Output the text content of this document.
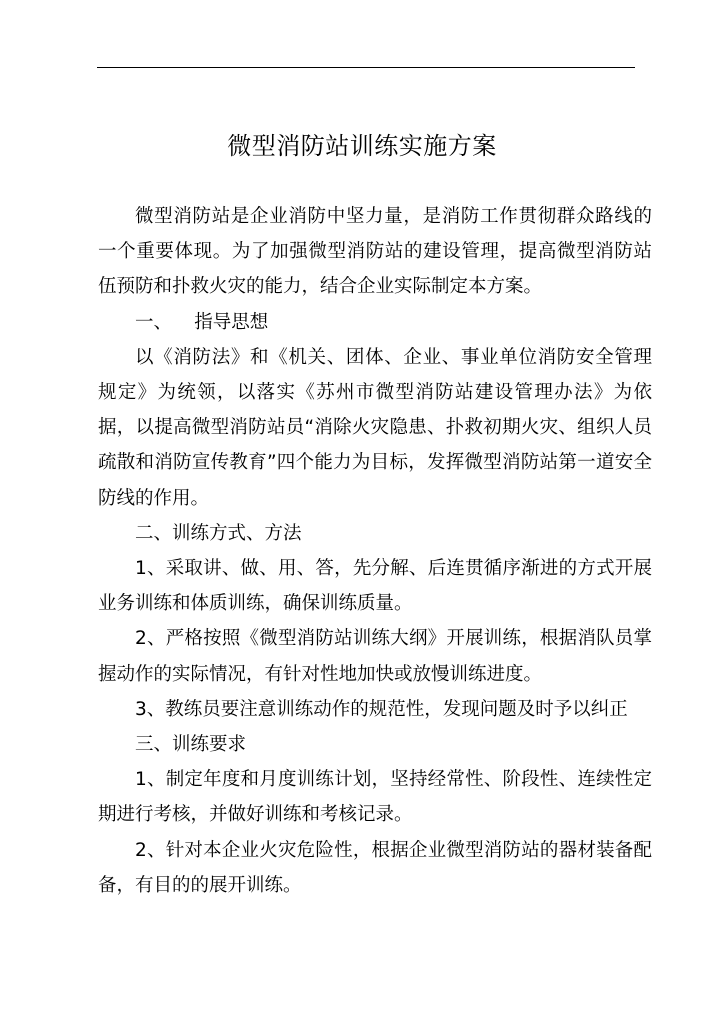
微型消防站训练实施方案

微型消防站是企业消防中坚力量，是消防工作贯彻群众路线的一个重要体现。为了加强微型消防站的建设管理，提高微型消防站伍预防和扑救火灾的能力，结合企业实际制定本方案。

一、 指导思想

以《消防法》和《机关、团体、企业、事业单位消防安全管理规定》为统领，以落实《苏州市微型消防站建设管理办法》为依据，以提高微型消防站员“消除火灾隐患、扑救初期火灾、组织人员疏散和消防宣传教育”四个能力为目标，发挥微型消防站第一道安全防线的作用。

二、训练方式、方法

1、采取讲、做、用、答，先分解、后连贯循序渐进的方式开展业务训练和体质训练，确保训练质量。

2、严格按照《微型消防站训练大纲》开展训练，根据消队员掌握动作的实际情况，有针对性地加快或放慢训练进度。

3、教练员要注意训练动作的规范性，发现问题及时予以纠正

三、训练要求

1、制定年度和月度训练计划，坚持经常性、阶段性、连续性定期进行考核，并做好训练和考核记录。

2、针对本企业火灾危险性，根据企业微型消防站的器材装备配备，有目的的展开训练。
